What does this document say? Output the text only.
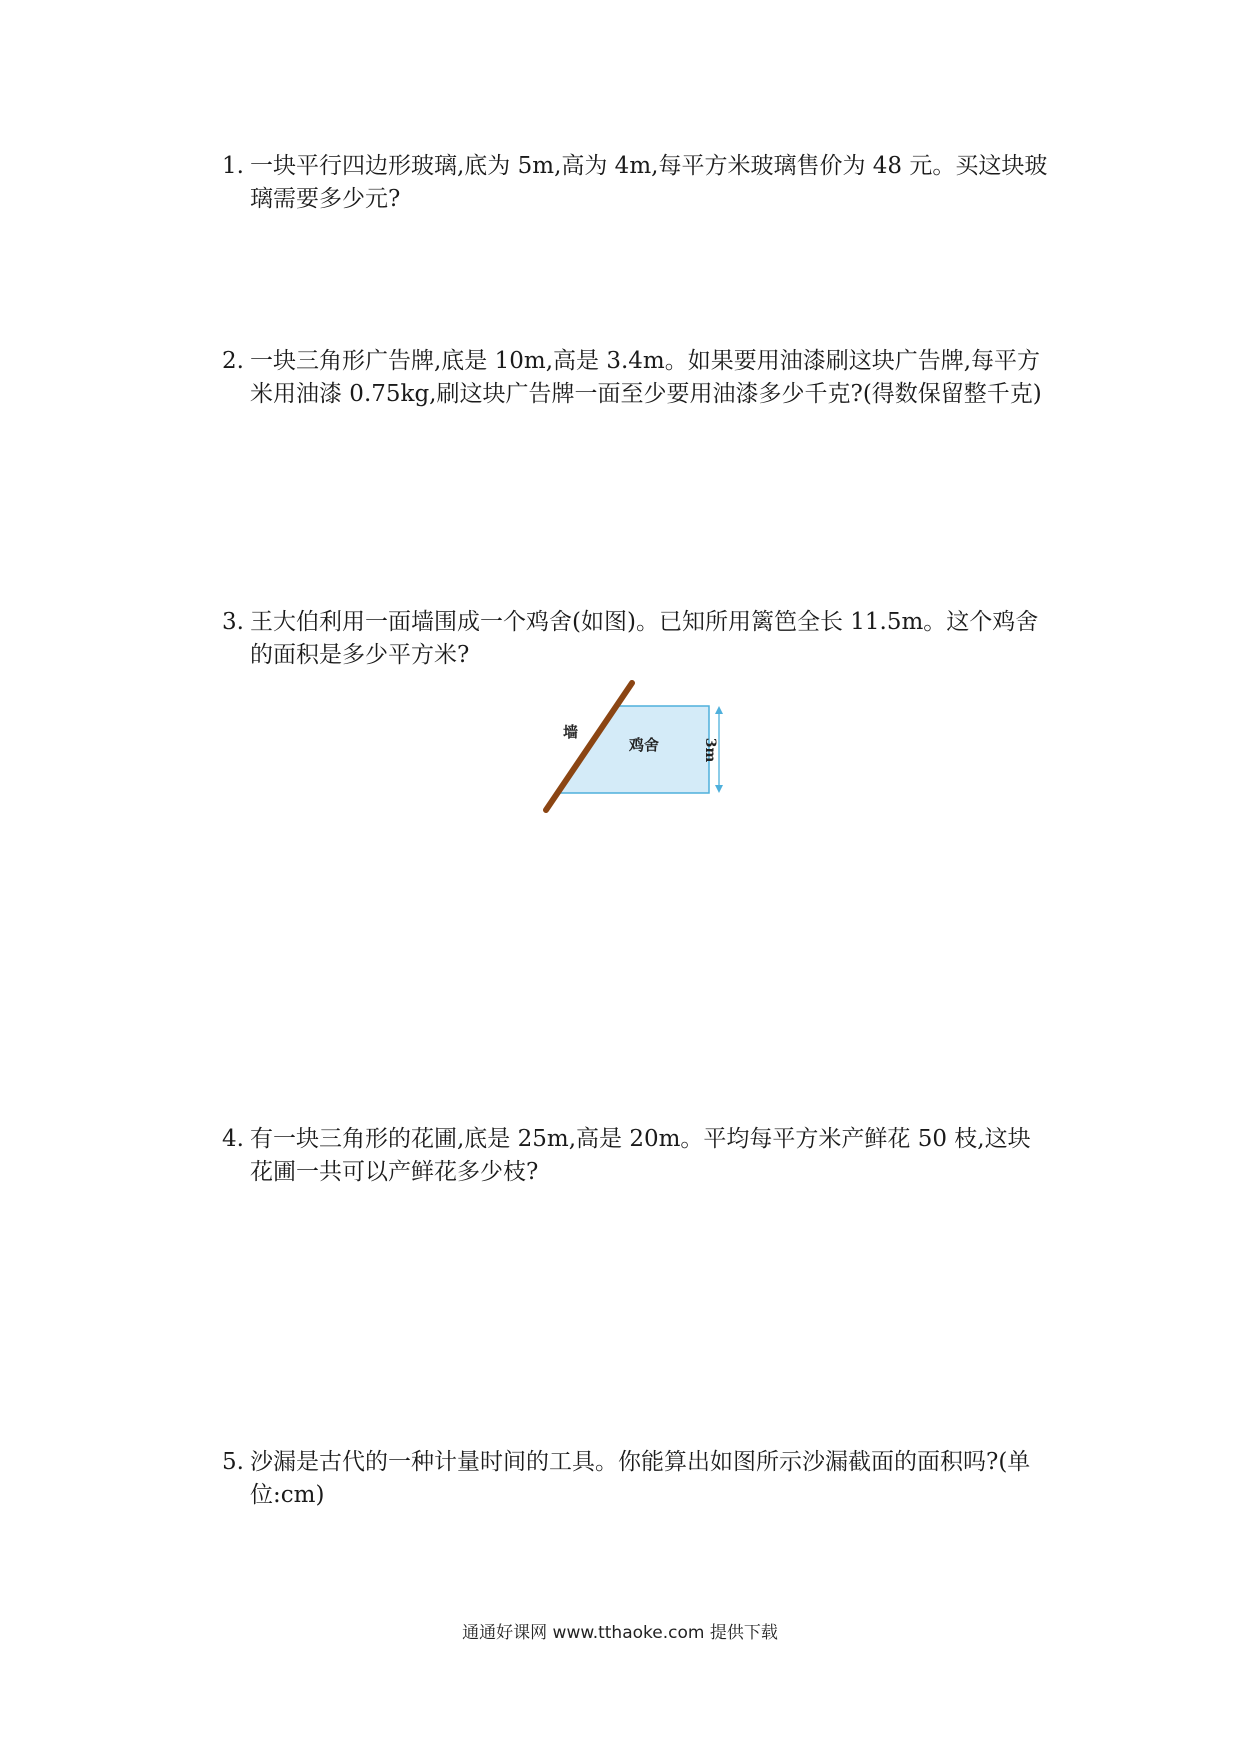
1. 一块平行四边形玻璃,底为 5m,高为 4m,每平方米玻璃售价为 48 元。买这块玻璃需要多少元?
2. 一块三角形广告牌,底是 10m,高是 3.4m。如果要用油漆刷这块广告牌,每平方米用油漆 0.75kg,刷这块广告牌一面至少要用油漆多少千克?(得数保留整千克)
3. 王大伯利用一面墙围成一个鸡舍(如图)。已知所用篱笆全长 11.5m。这个鸡舍的面积是多少平方米?
墙
鸡舍	3m
4. 有一块三角形的花圃,底是 25m,高是 20m。平均每平方米产鲜花 50 枝,这块花圃一共可以产鲜花多少枝?
5. 沙漏是古代的一种计量时间的工具。你能算出如图所示沙漏截面的面积吗?(单位:cm)
通通好课网 www.tthaoke.com 提供下载
